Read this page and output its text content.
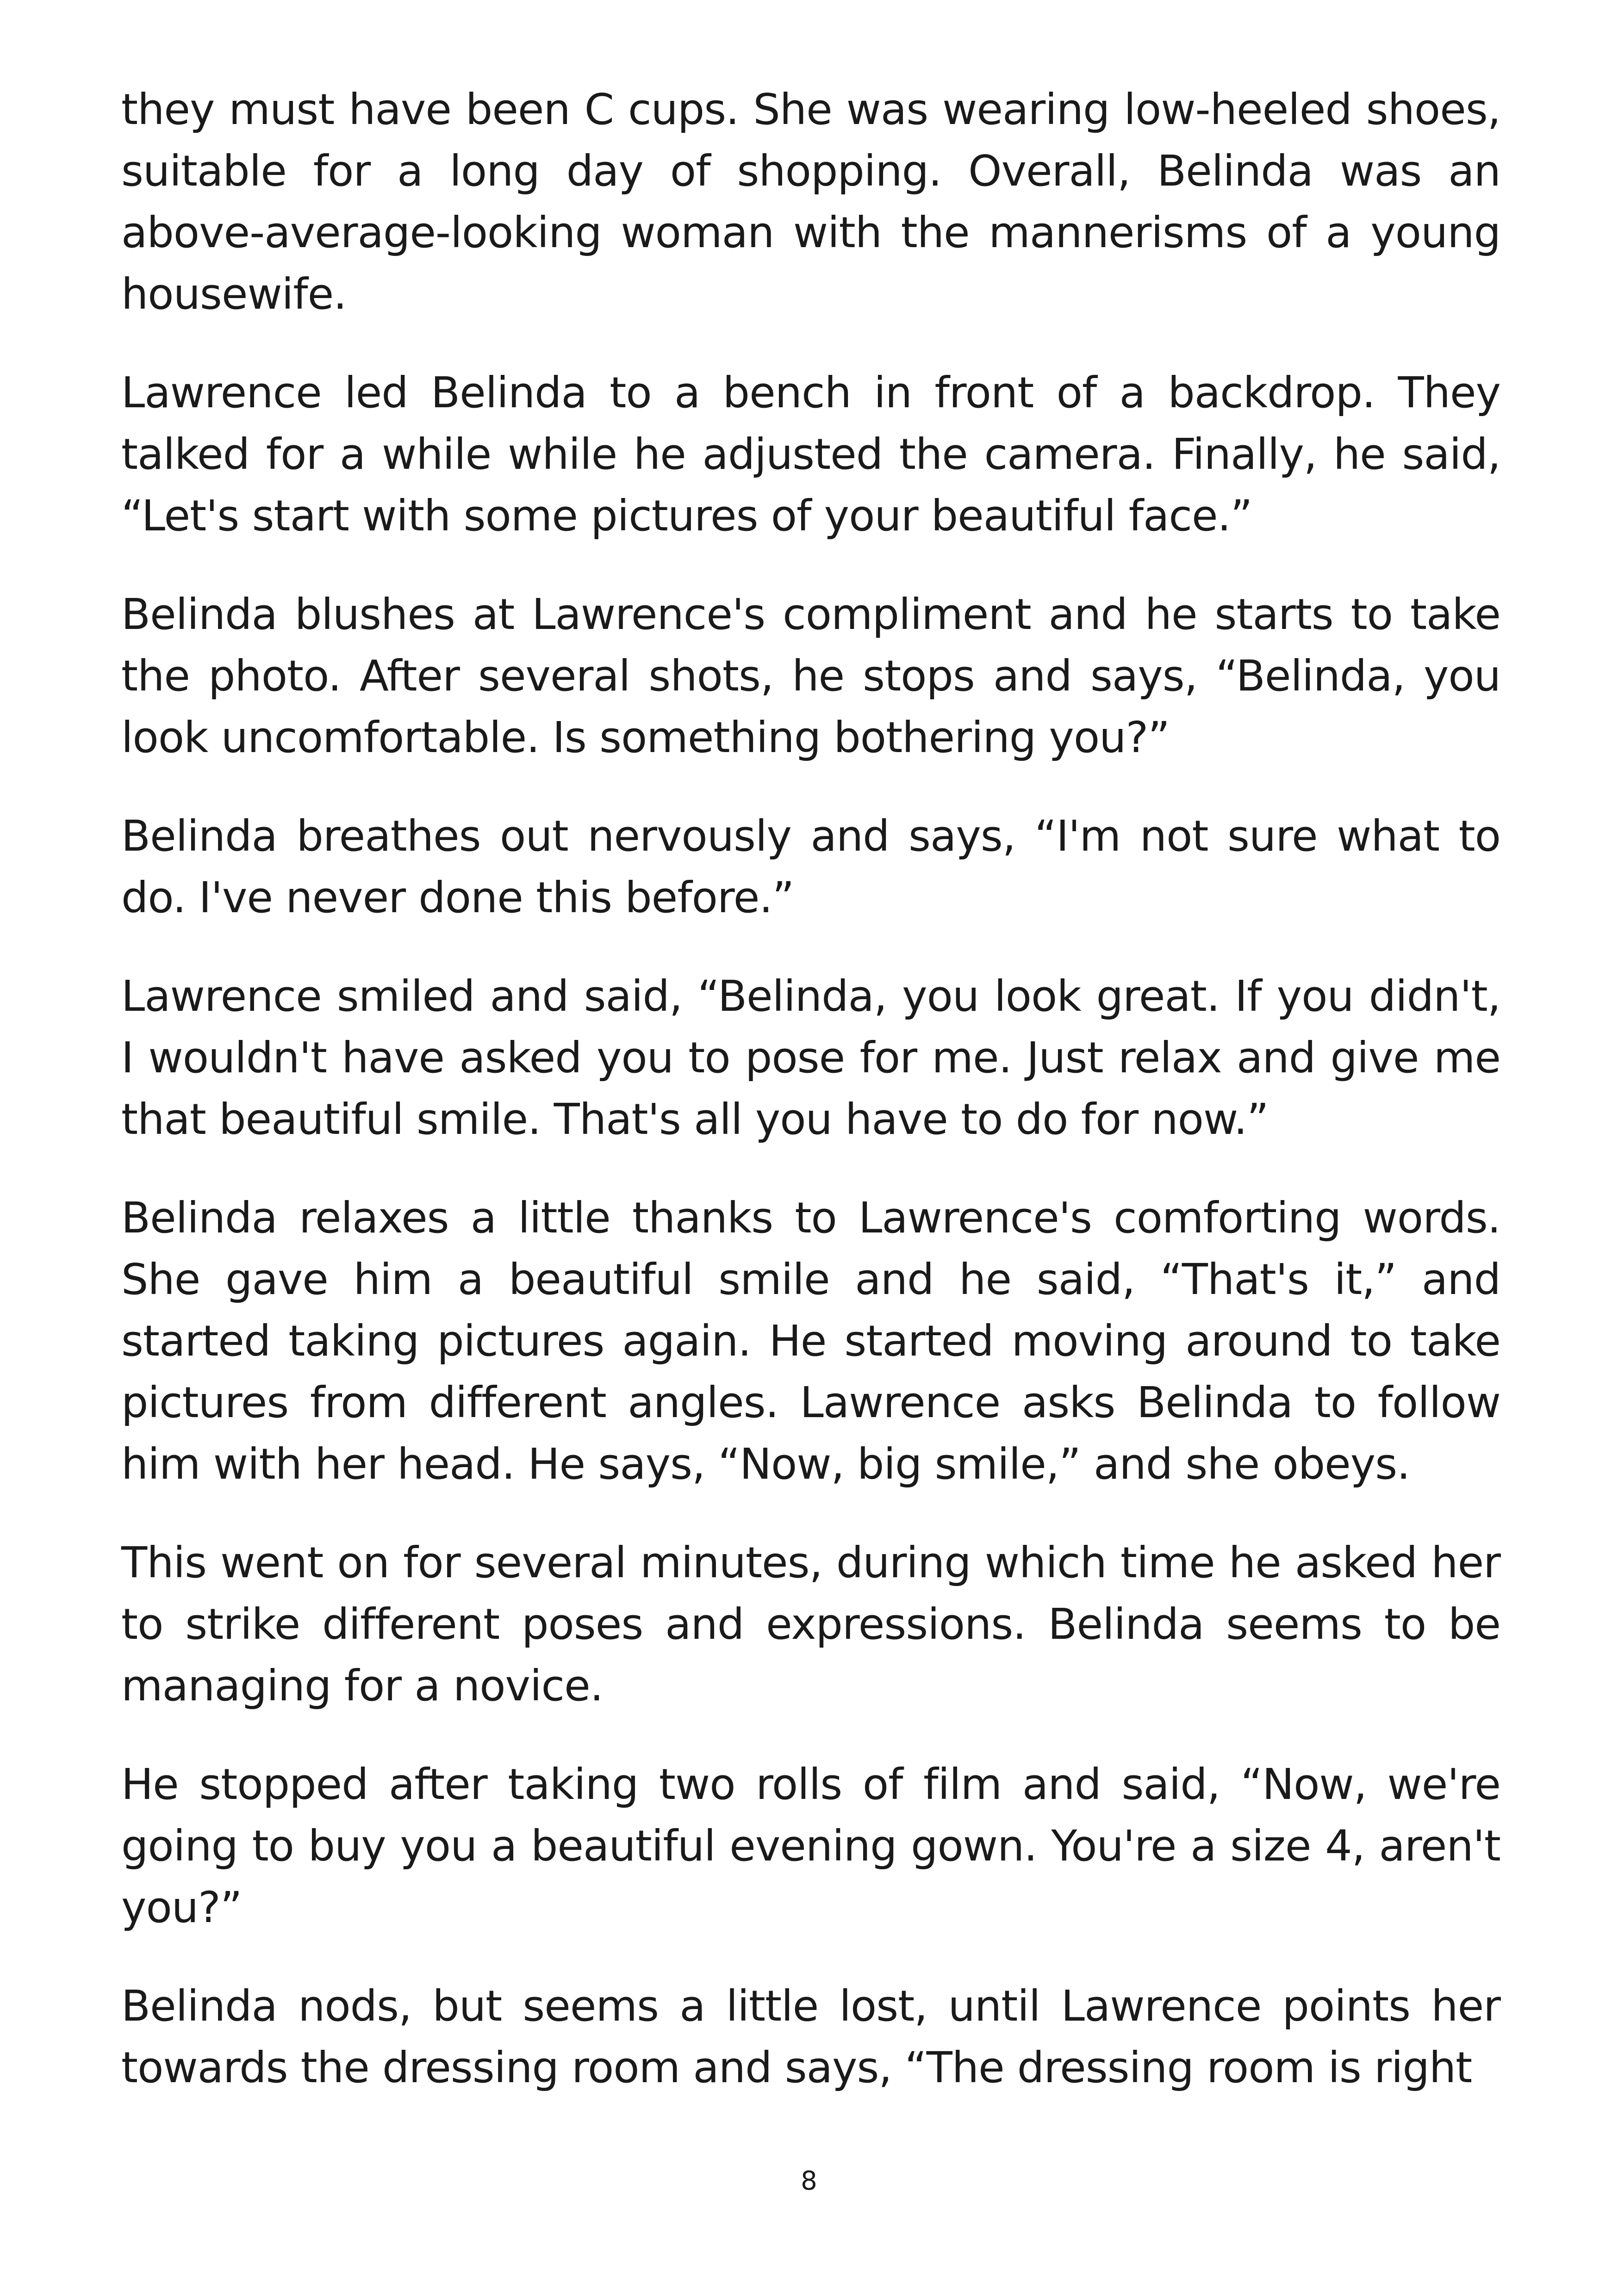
they must have been C cups. She was wearing low-heeled shoes, suitable for a long day of shopping. Overall, Belinda was an above-average-looking woman with the mannerisms of a young housewife.

Lawrence led Belinda to a bench in front of a backdrop. They talked for a while while he adjusted the camera. Finally, he said, “Let's start with some pictures of your beautiful face.”

Belinda blushes at Lawrence's compliment and he starts to take the photo. After several shots, he stops and says, “Belinda, you look uncomfortable. Is something bothering you?”

Belinda breathes out nervously and says, “I'm not sure what to do. I've never done this before.”

Lawrence smiled and said, “Belinda, you look great. If you didn't, I wouldn't have asked you to pose for me. Just relax and give me that beautiful smile. That's all you have to do for now.”

Belinda relaxes a little thanks to Lawrence's comforting words. She gave him a beautiful smile and he said, “That's it,” and started taking pictures again. He started moving around to take pictures from different angles. Lawrence asks Belinda to follow him with her head. He says, “Now, big smile,” and she obeys.

This went on for several minutes, during which time he asked her to strike different poses and expressions. Belinda seems to be managing for a novice.

He stopped after taking two rolls of film and said, “Now, we're going to buy you a beautiful evening gown. You're a size 4, aren't you?”

Belinda nods, but seems a little lost, until Lawrence points her towards the dressing room and says, “The dressing room is right

8
